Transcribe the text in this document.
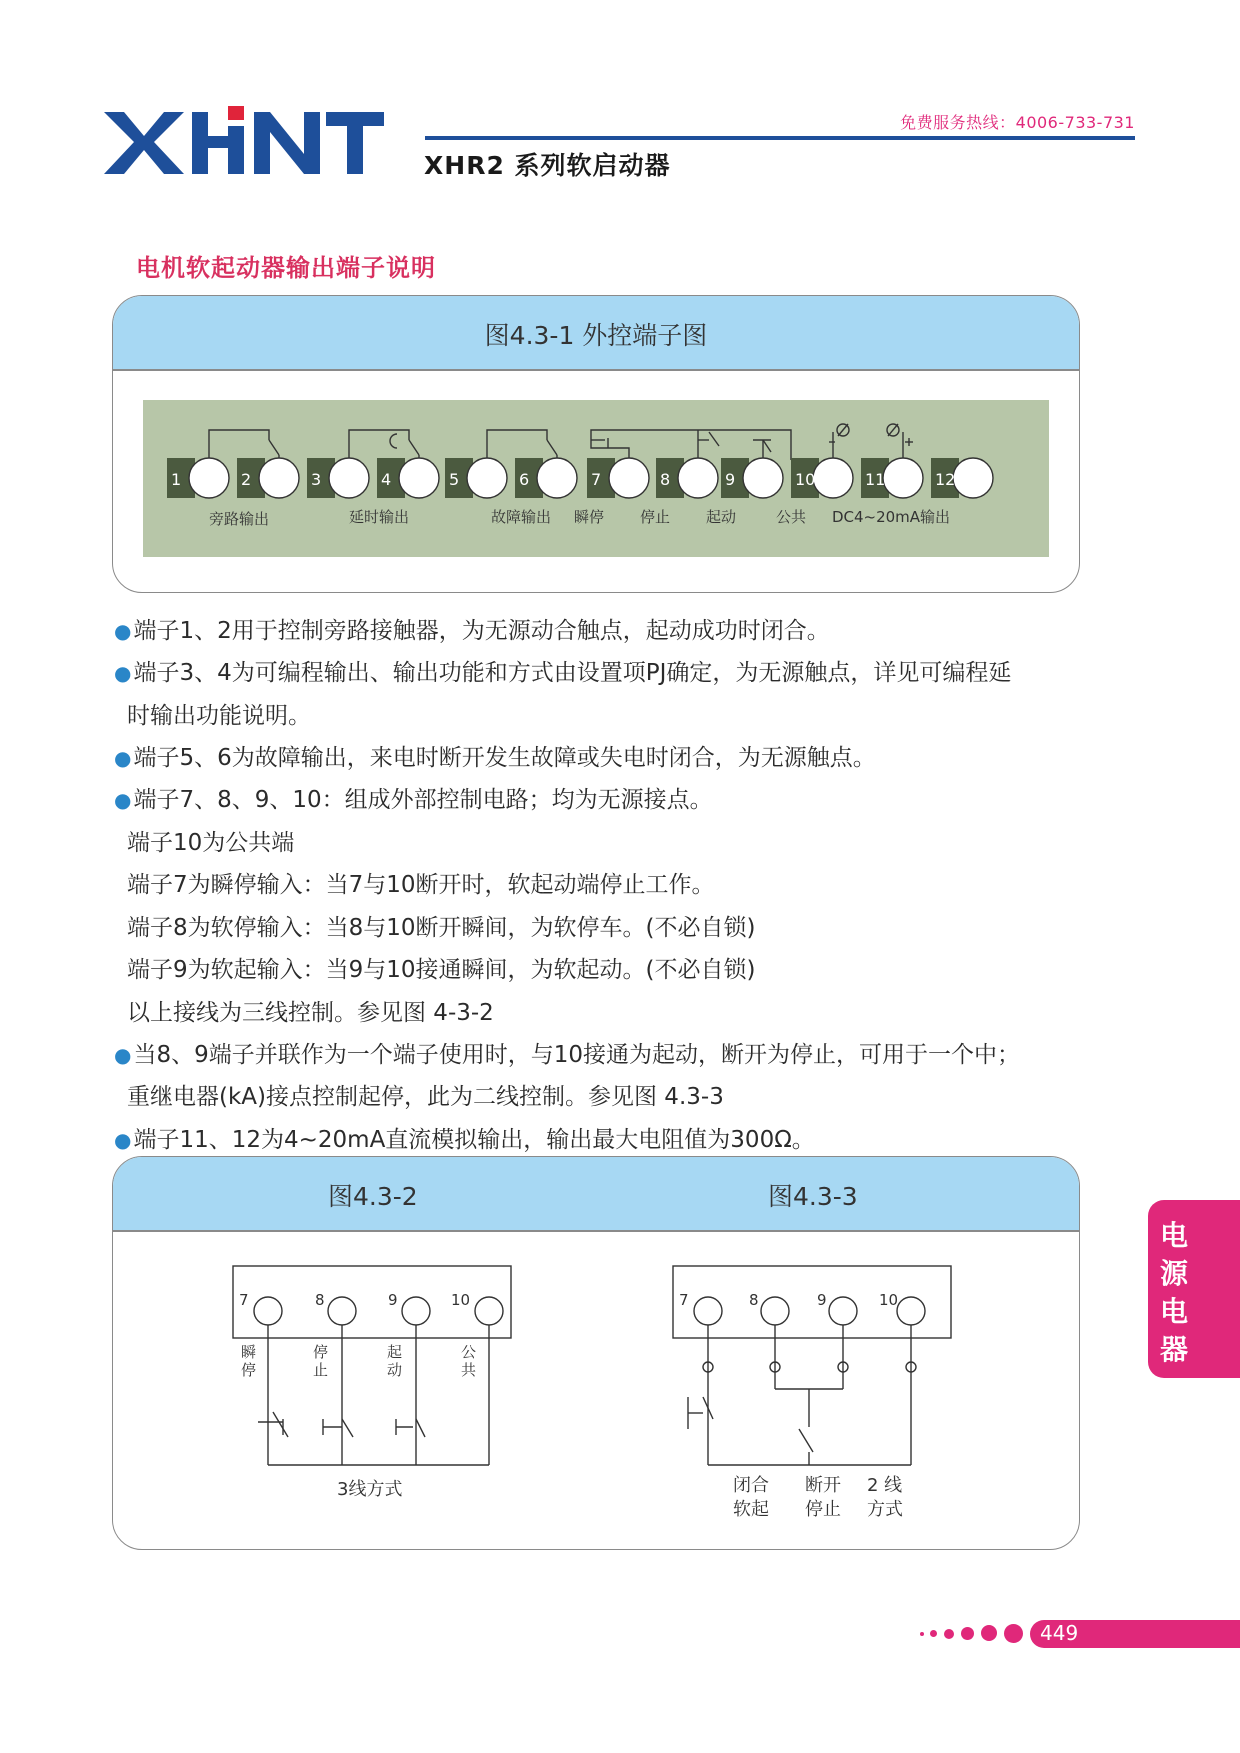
免费服务热线：4006-733-731
XHR2 系列软启动器
电机软起动器输出端子说明
图4.3-1 外控端子图
1	2	3	4	5	6	7	8	9	10	11	12
旁路输出	延时输出	故障输出 瞬停 停止 起动	公共 DC4~20mA输出
●端子1、2用于控制旁路接触器，为无源动合触点，起动成功时闭合。
●端子3、4为可编程输出、输出功能和方式由设置项PJ确定，为无源触点，详见可编程延
时输出功能说明。
●端子5、6为故障输出，来电时断开发生故障或失电时闭合，为无源触点。
●端子7、8、9、10：组成外部控制电路；均为无源接点。
端子10为公共端
端子7为瞬停输入：当7与10断开时，软起动端停止工作。
端子8为软停输入：当8与10断开瞬间，为软停车。(不必自锁)
端子9为软起输入：当9与10接通瞬间，为软起动。(不必自锁)
以上接线为三线控制。参见图 4-3-2
●当8、9端子并联作为一个端子使用时，与10接通为起动，断开为停止，可用于一个中；
重继电器(kA)接点控制起停，此为二线控制。参见图 4.3-3
●端子11、12为4~20mA直流模拟输出，输出最大电阻值为300Ω。
图4.3-2	图4.3-3
7	8	9	10	7	8	9	10
瞬
停
停
止
起
动
公
共
3线方式	闭合
软起
断开
停止
2 线
方式
电
源
电
器
449
